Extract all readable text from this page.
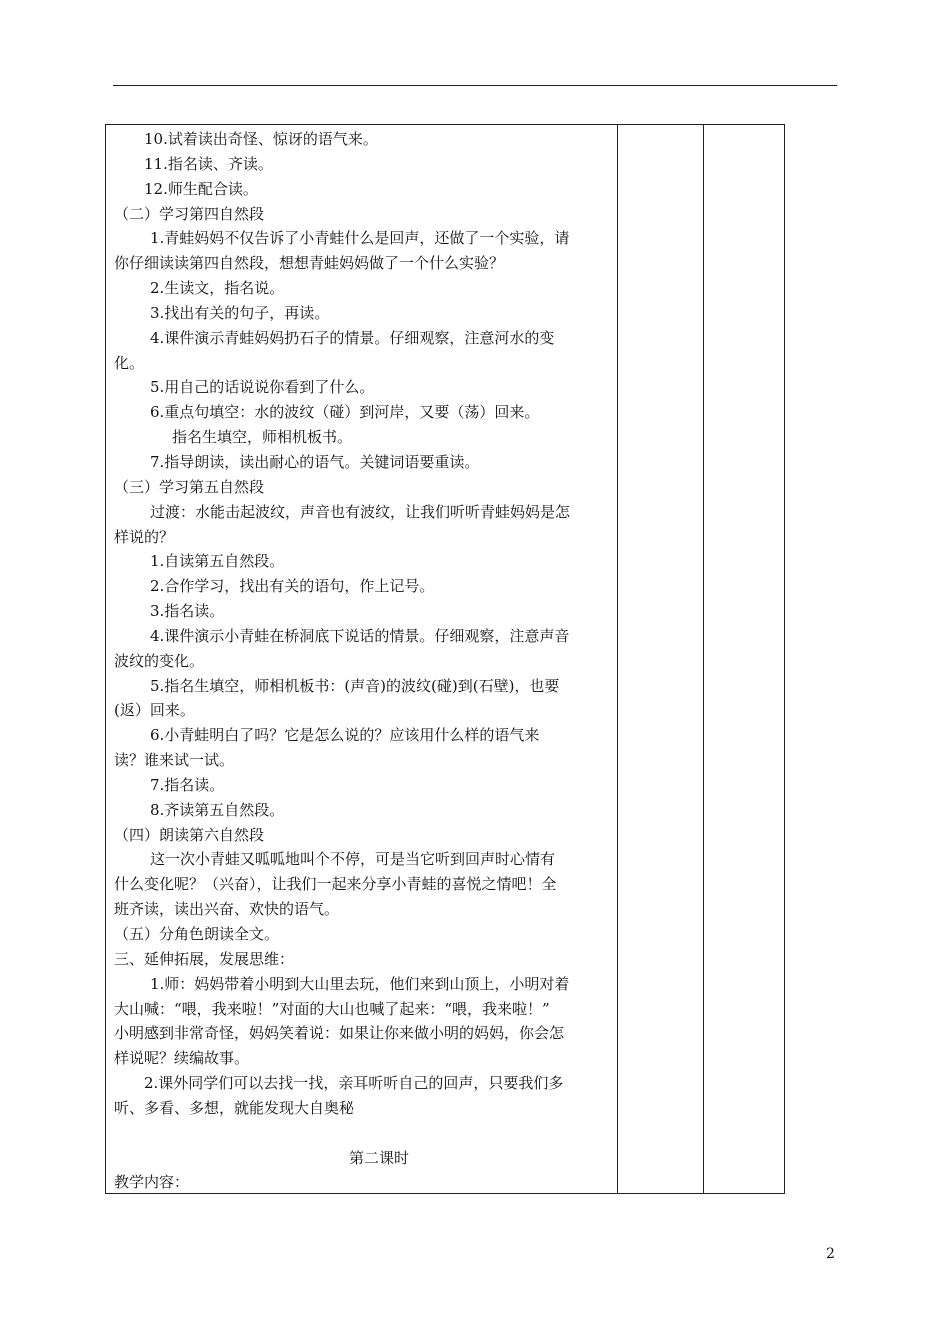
10.试着读出奇怪、惊讶的语气来。
11.指名读、齐读。
12.师生配合读。
（二）学习第四自然段
1.青蛙妈妈不仅告诉了小青蛙什么是回声，还做了一个实验，请
你仔细读读第四自然段，想想青蛙妈妈做了一个什么实验？
2.生读文，指名说。
3.找出有关的句子，再读。
4.课件演示青蛙妈妈扔石子的情景。仔细观察，注意河水的变
化。
5.用自己的话说说你看到了什么。
6.重点句填空：水的波纹（碰）到河岸，又要（荡）回来。
指名生填空，师相机板书。
7.指导朗读，读出耐心的语气。关键词语要重读。
（三）学习第五自然段
过渡：水能击起波纹，声音也有波纹，让我们听听青蛙妈妈是怎
样说的？
1.自读第五自然段。
2.合作学习，找出有关的语句，作上记号。
3.指名读。
4.课件演示小青蛙在桥洞底下说话的情景。仔细观察，注意声音
波纹的变化。
5.指名生填空，师相机板书：(声音)的波纹(碰)到(石壁)，也要
(返）回来。
6.小青蛙明白了吗？它是怎么说的？应该用什么样的语气来
读？谁来试一试。
7.指名读。
8.齐读第五自然段。
（四）朗读第六自然段
这一次小青蛙又呱呱地叫个不停，可是当它听到回声时心情有
什么变化呢？（兴奋），让我们一起来分享小青蛙的喜悦之情吧！全
班齐读，读出兴奋、欢快的语气。
（五）分角色朗读全文。
三、延伸拓展，发展思维：
1.师：妈妈带着小明到大山里去玩，他们来到山顶上，小明对着
大山喊：“喂，我来啦！”对面的大山也喊了起来：“喂，我来啦！”
小明感到非常奇怪，妈妈笑着说：如果让你来做小明的妈妈，你会怎
样说呢？续编故事。
2.课外同学们可以去找一找，亲耳听听自己的回声，只要我们多
听、多看、多想，就能发现大自奥秘
第二课时
教学内容：
2
